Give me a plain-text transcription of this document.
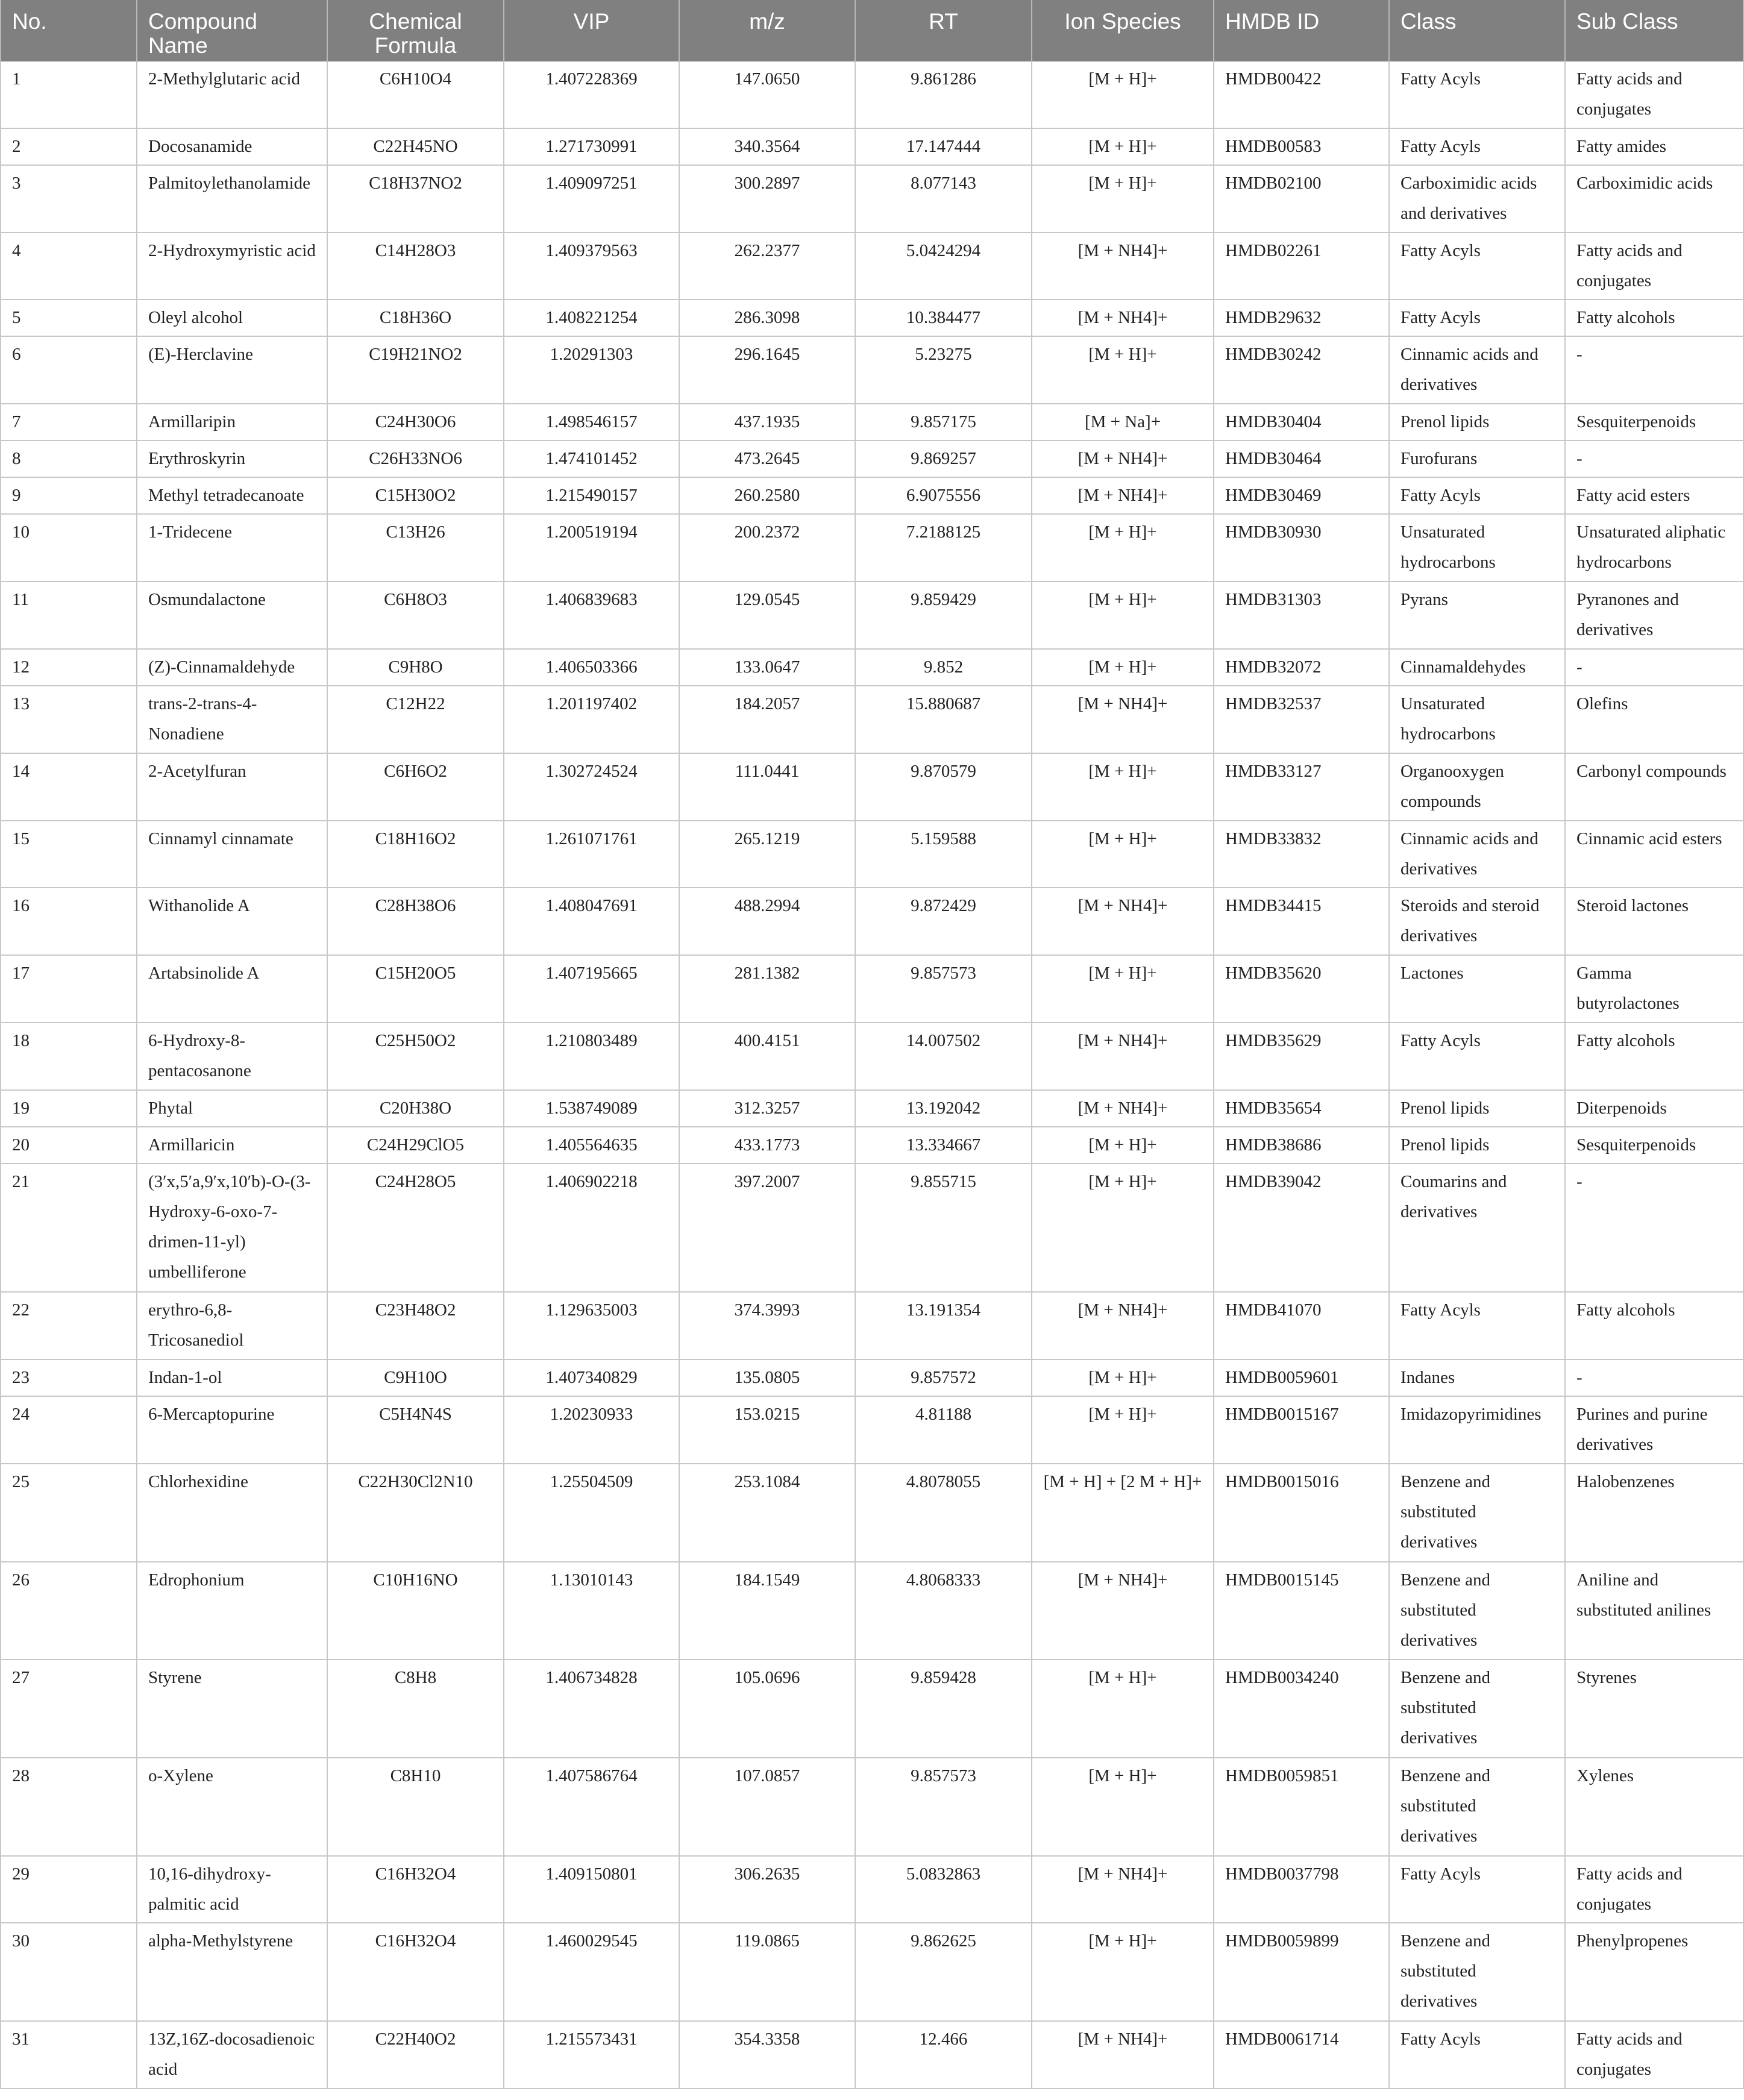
No.	Compound Name	Chemical Formula	VIP	m/z	RT	Ion Species	HMDB ID	Class	Sub Class
1	2-Methylglutaric acid	C6H10O4	1.407228369	147.0650	9.861286	[M + H]+	HMDB00422	Fatty Acyls	Fatty acids and conjugates
2	Docosanamide	C22H45NO	1.271730991	340.3564	17.147444	[M + H]+	HMDB00583	Fatty Acyls	Fatty amides
3	Palmitoylethanolamide	C18H37NO2	1.409097251	300.2897	8.077143	[M + H]+	HMDB02100	Carboximidic acids and derivatives	Carboximidic acids
4	2-Hydroxymyristic acid	C14H28O3	1.409379563	262.2377	5.0424294	[M + NH4]+	HMDB02261	Fatty Acyls	Fatty acids and conjugates
5	Oleyl alcohol	C18H36O	1.408221254	286.3098	10.384477	[M + NH4]+	HMDB29632	Fatty Acyls	Fatty alcohols
6	(E)-Herclavine	C19H21NO2	1.20291303	296.1645	5.23275	[M + H]+	HMDB30242	Cinnamic acids and derivatives	-
7	Armillaripin	C24H30O6	1.498546157	437.1935	9.857175	[M + Na]+	HMDB30404	Prenol lipids	Sesquiterpenoids
8	Erythroskyrin	C26H33NO6	1.474101452	473.2645	9.869257	[M + NH4]+	HMDB30464	Furofurans	-
9	Methyl tetradecanoate	C15H30O2	1.215490157	260.2580	6.9075556	[M + NH4]+	HMDB30469	Fatty Acyls	Fatty acid esters
10	1-Tridecene	C13H26	1.200519194	200.2372	7.2188125	[M + H]+	HMDB30930	Unsaturated hydrocarbons	Unsaturated aliphatic hydrocarbons
11	Osmundalactone	C6H8O3	1.406839683	129.0545	9.859429	[M + H]+	HMDB31303	Pyrans	Pyranones and derivatives
12	(Z)-Cinnamaldehyde	C9H8O	1.406503366	133.0647	9.852	[M + H]+	HMDB32072	Cinnamaldehydes	-
13	trans-2-trans-4-Nonadiene	C12H22	1.201197402	184.2057	15.880687	[M + NH4]+	HMDB32537	Unsaturated hydrocarbons	Olefins
14	2-Acetylfuran	C6H6O2	1.302724524	111.0441	9.870579	[M + H]+	HMDB33127	Organooxygen compounds	Carbonyl compounds
15	Cinnamyl cinnamate	C18H16O2	1.261071761	265.1219	5.159588	[M + H]+	HMDB33832	Cinnamic acids and derivatives	Cinnamic acid esters
16	Withanolide A	C28H38O6	1.408047691	488.2994	9.872429	[M + NH4]+	HMDB34415	Steroids and steroid derivatives	Steroid lactones
17	Artabsinolide A	C15H20O5	1.407195665	281.1382	9.857573	[M + H]+	HMDB35620	Lactones	Gamma butyrolactones
18	6-Hydroxy-8-pentacosanone	C25H50O2	1.210803489	400.4151	14.007502	[M + NH4]+	HMDB35629	Fatty Acyls	Fatty alcohols
19	Phytal	C20H38O	1.538749089	312.3257	13.192042	[M + NH4]+	HMDB35654	Prenol lipids	Diterpenoids
20	Armillaricin	C24H29ClO5	1.405564635	433.1773	13.334667	[M + H]+	HMDB38686	Prenol lipids	Sesquiterpenoids
21	(3′x,5′a,9′x,10′b)-O-(3-Hydroxy-6-oxo-7-drimen-11-yl) umbelliferone	C24H28O5	1.406902218	397.2007	9.855715	[M + H]+	HMDB39042	Coumarins and derivatives	-
22	erythro-6,8-Tricosanediol	C23H48O2	1.129635003	374.3993	13.191354	[M + NH4]+	HMDB41070	Fatty Acyls	Fatty alcohols
23	Indan-1-ol	C9H10O	1.407340829	135.0805	9.857572	[M + H]+	HMDB0059601	Indanes	-
24	6-Mercaptopurine	C5H4N4S	1.20230933	153.0215	4.81188	[M + H]+	HMDB0015167	Imidazopyrimidines	Purines and purine derivatives
25	Chlorhexidine	C22H30Cl2N10	1.25504509	253.1084	4.8078055	[M + H] + [2 M + H]+	HMDB0015016	Benzene and substituted derivatives	Halobenzenes
26	Edrophonium	C10H16NO	1.13010143	184.1549	4.8068333	[M + NH4]+	HMDB0015145	Benzene and substituted derivatives	Aniline and substituted anilines
27	Styrene	C8H8	1.406734828	105.0696	9.859428	[M + H]+	HMDB0034240	Benzene and substituted derivatives	Styrenes
28	o-Xylene	C8H10	1.407586764	107.0857	9.857573	[M + H]+	HMDB0059851	Benzene and substituted derivatives	Xylenes
29	10,16-dihydroxy-palmitic acid	C16H32O4	1.409150801	306.2635	5.0832863	[M + NH4]+	HMDB0037798	Fatty Acyls	Fatty acids and conjugates
30	alpha-Methylstyrene	C16H32O4	1.460029545	119.0865	9.862625	[M + H]+	HMDB0059899	Benzene and substituted derivatives	Phenylpropenes
31	13Z,16Z-docosadienoic acid	C22H40O2	1.215573431	354.3358	12.466	[M + NH4]+	HMDB0061714	Fatty Acyls	Fatty acids and conjugates
